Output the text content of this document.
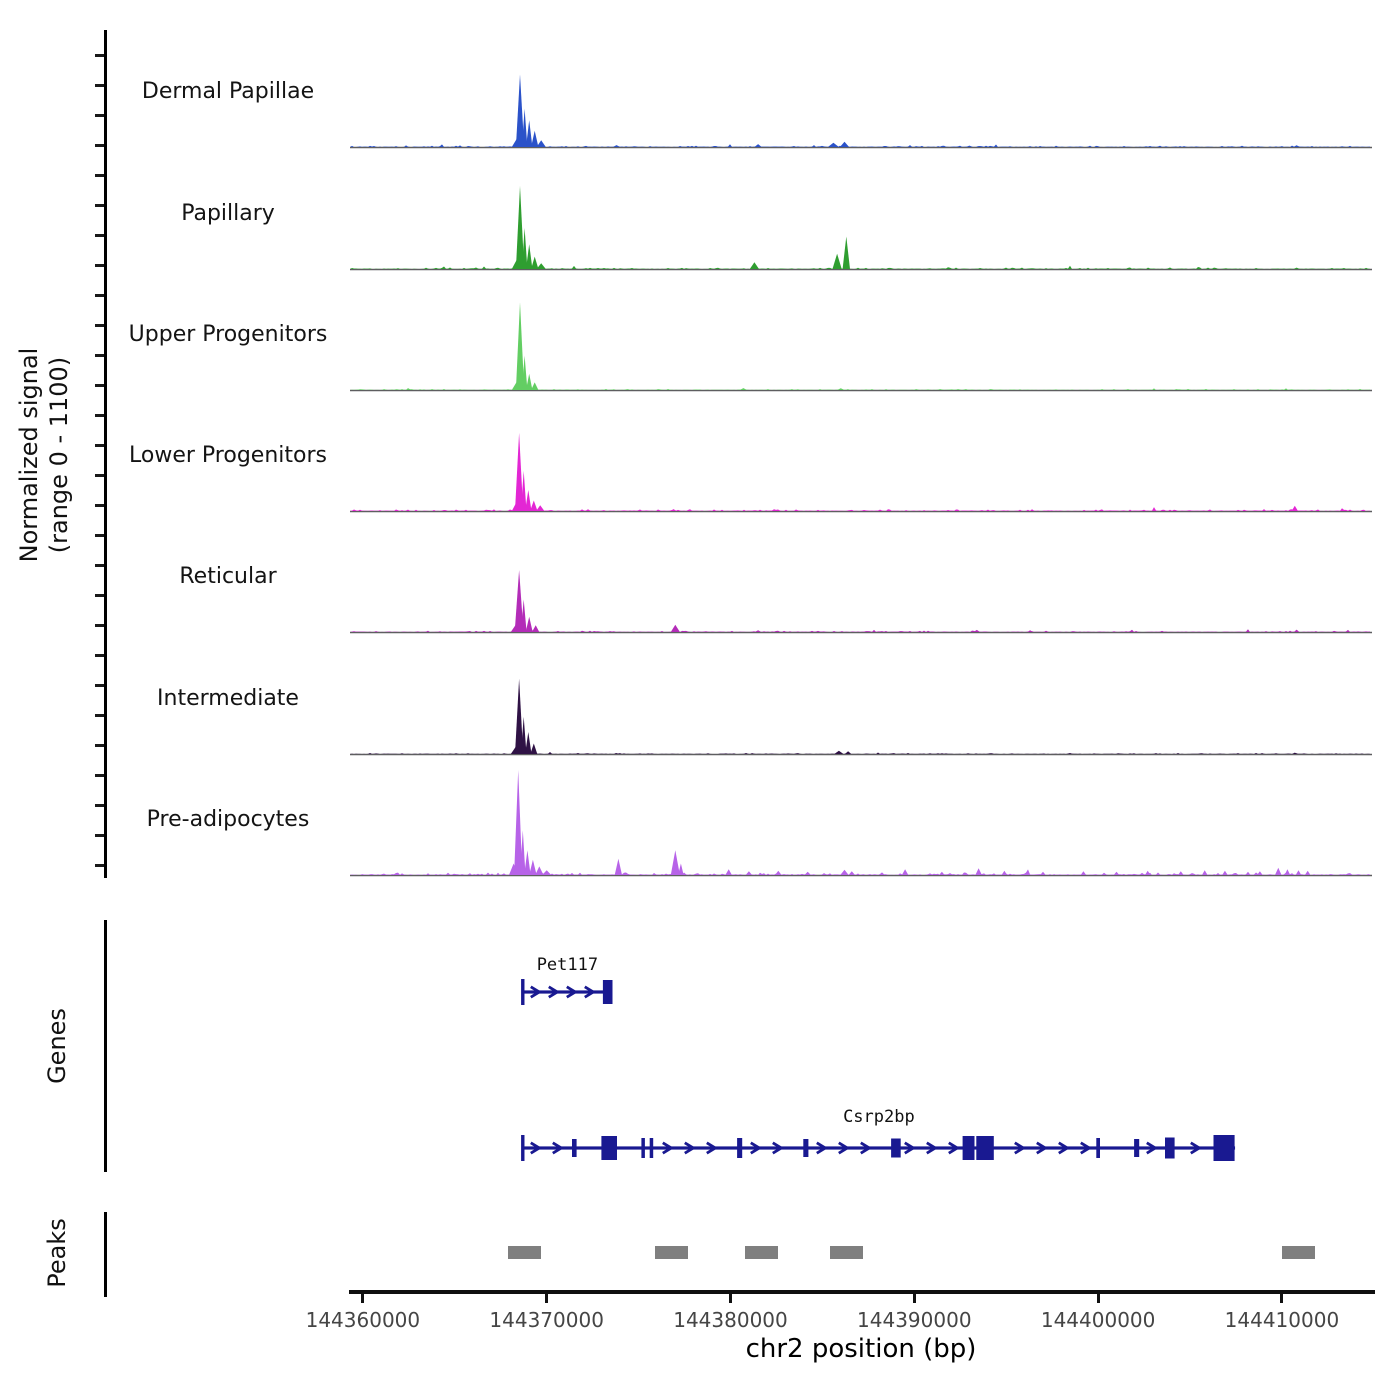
Normalized signal
(range 0 - 1100)
Dermal Papillae
Papillary
Upper Progenitors
Lower Progenitors
Reticular
Intermediate
Pre-adipocytes
Genes
Pet117
Csrp2bp
Peaks
144360000	144370000	144380000	144390000	144400000	144410000
chr2 position (bp)
